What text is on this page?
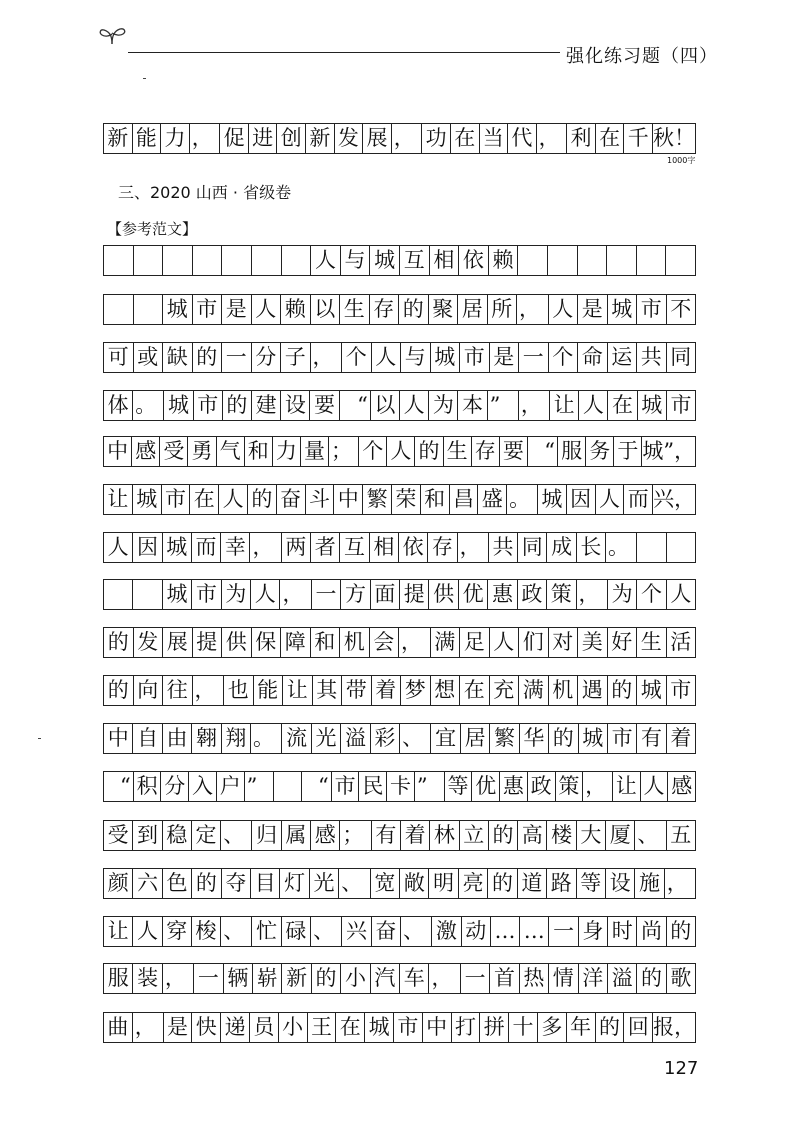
强化练习题（四）
新 能 力 ， 促 进 创 新 发 展 ， 功 在 当 代 ， 利 在 千 秋！
人 与 城 互 相 依 赖
城 市 是 人 赖 以 生 存 的 聚 居 所 ， 人 是 城 市 不
可 或 缺 的 一 分 子 ， 个 人 与 城 市 是 一 个 命 运 共 同
体 。 城 市 的 建 设 要	“ 以 人 为 本 ” ， 让 人 在 城 市
中 感 受 勇 气 和 力 量 ； 个 人 的 生 存 要 “ 服 务 于 城”，
让 城 市 在 人 的 奋 斗 中 繁 荣 和 昌 盛 。 城 因 人 而 兴，
人 因 城 而 幸 ， 两 者 互 相 依 存 ， 共 同 成 长 。
城 市 为 人 ， 一 方 面 提 供 优 惠 政 策 ， 为 个 人
的 发 展 提 供 保 障 和 机 会 ， 满 足 人 们 对 美 好 生 活
的 向 往 ， 也 能 让 其 带 着 梦 想 在 充 满 机 遇 的 城 市
中 自 由 翱 翔 。 流 光 溢 彩 、 宜 居 繁 华 的 城 市 有 着
“ 积 分 入 户 ”	“ 市 民 卡 ” 等 优 惠 政 策 ， 让 人 感
受 到 稳 定 、 归 属 感 ； 有 着 林 立 的 高 楼 大 厦 、 五
颜 六 色 的 夺 目 灯 光 、 宽 敞 明 亮 的 道 路 等 设 施 ，
让 人 穿 梭 、 忙 碌 、 兴 奋 、 激 动 … … 一 身 时 尚 的
服 装 ， 一 辆 崭 新 的 小 汽 车 ， 一 首 热 情 洋 溢 的 歌
曲 ， 是 快 递 员 小 王 在 城 市 中 打 拼 十 多 年 的 回 报，
1000字
三、2020 山西 · 省级卷
【参考范文】
127
